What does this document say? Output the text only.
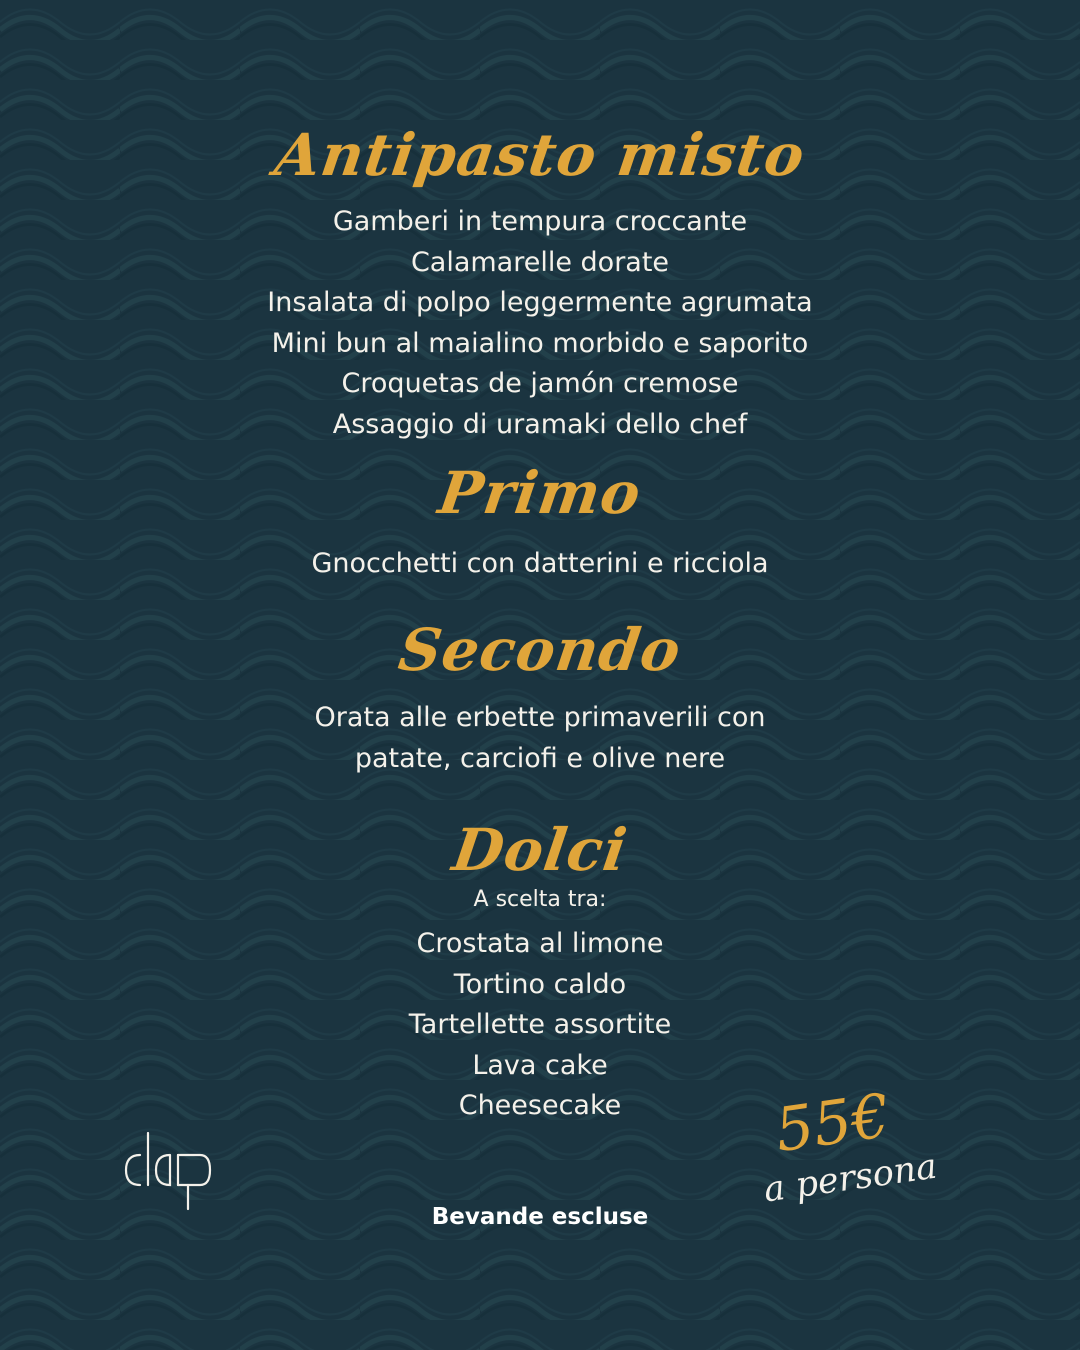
Antipasto misto
Gamberi in tempura croccante
Calamarelle dorate
Insalata di polpo leggermente agrumata
Mini bun al maialino morbido e saporito
Croquetas de jamón cremose
Assaggio di uramaki dello chef
Primo
Gnocchetti con datterini e ricciola
Secondo
Orata alle erbette primaverili con
patate, carciofi e olive nere
Dolci
A scelta tra:
Crostata al limone
Tortino caldo
Tartellette assortite
Lava cake
Cheesecake
Bevande escluse
55€
a persona
